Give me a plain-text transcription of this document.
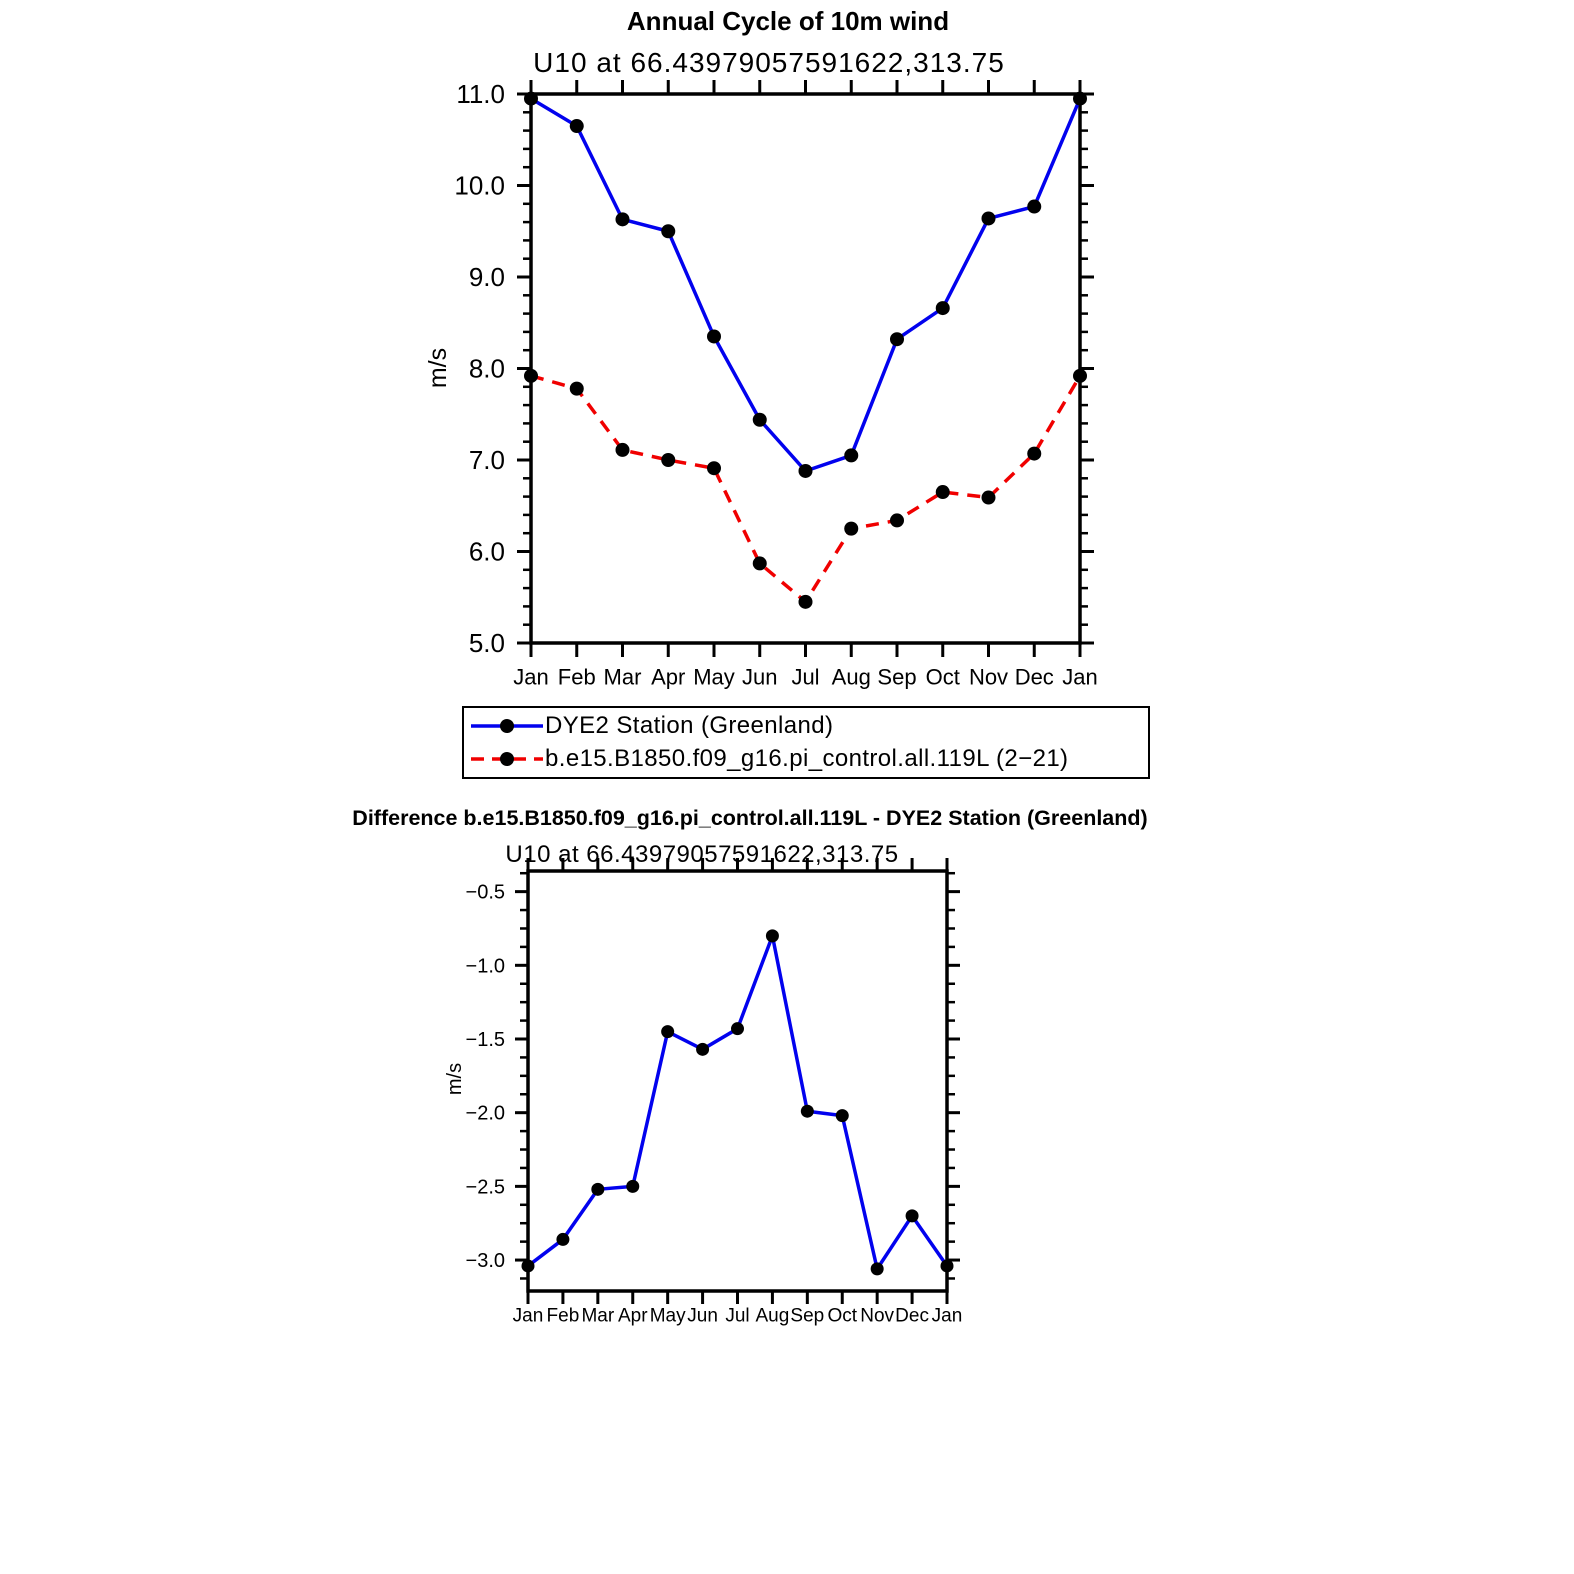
5.0
6.0
7.0
8.0
9.0
10.0
11.0
Jan Feb Mar Apr May Jun Jul Aug Sep Oct Nov Dec Jan
−3.0
−2.5
−2.0
−1.5
−1.0
−0.5
Jan Feb Mar Apr May Jun Jul Aug Sep Oct Nov Dec Jan
Annual Cycle of 10m wind
U10 at 66.43979057591622,313.75
m/s
DYE2 Station (Greenland)
b.e15.B1850.f09_g16.pi_control.all.119L (2−21)
Difference b.e15.B1850.f09_g16.pi_control.all.119L - DYE2 Station (Greenland)
U10 at 66.43979057591622,313.75
m/s
